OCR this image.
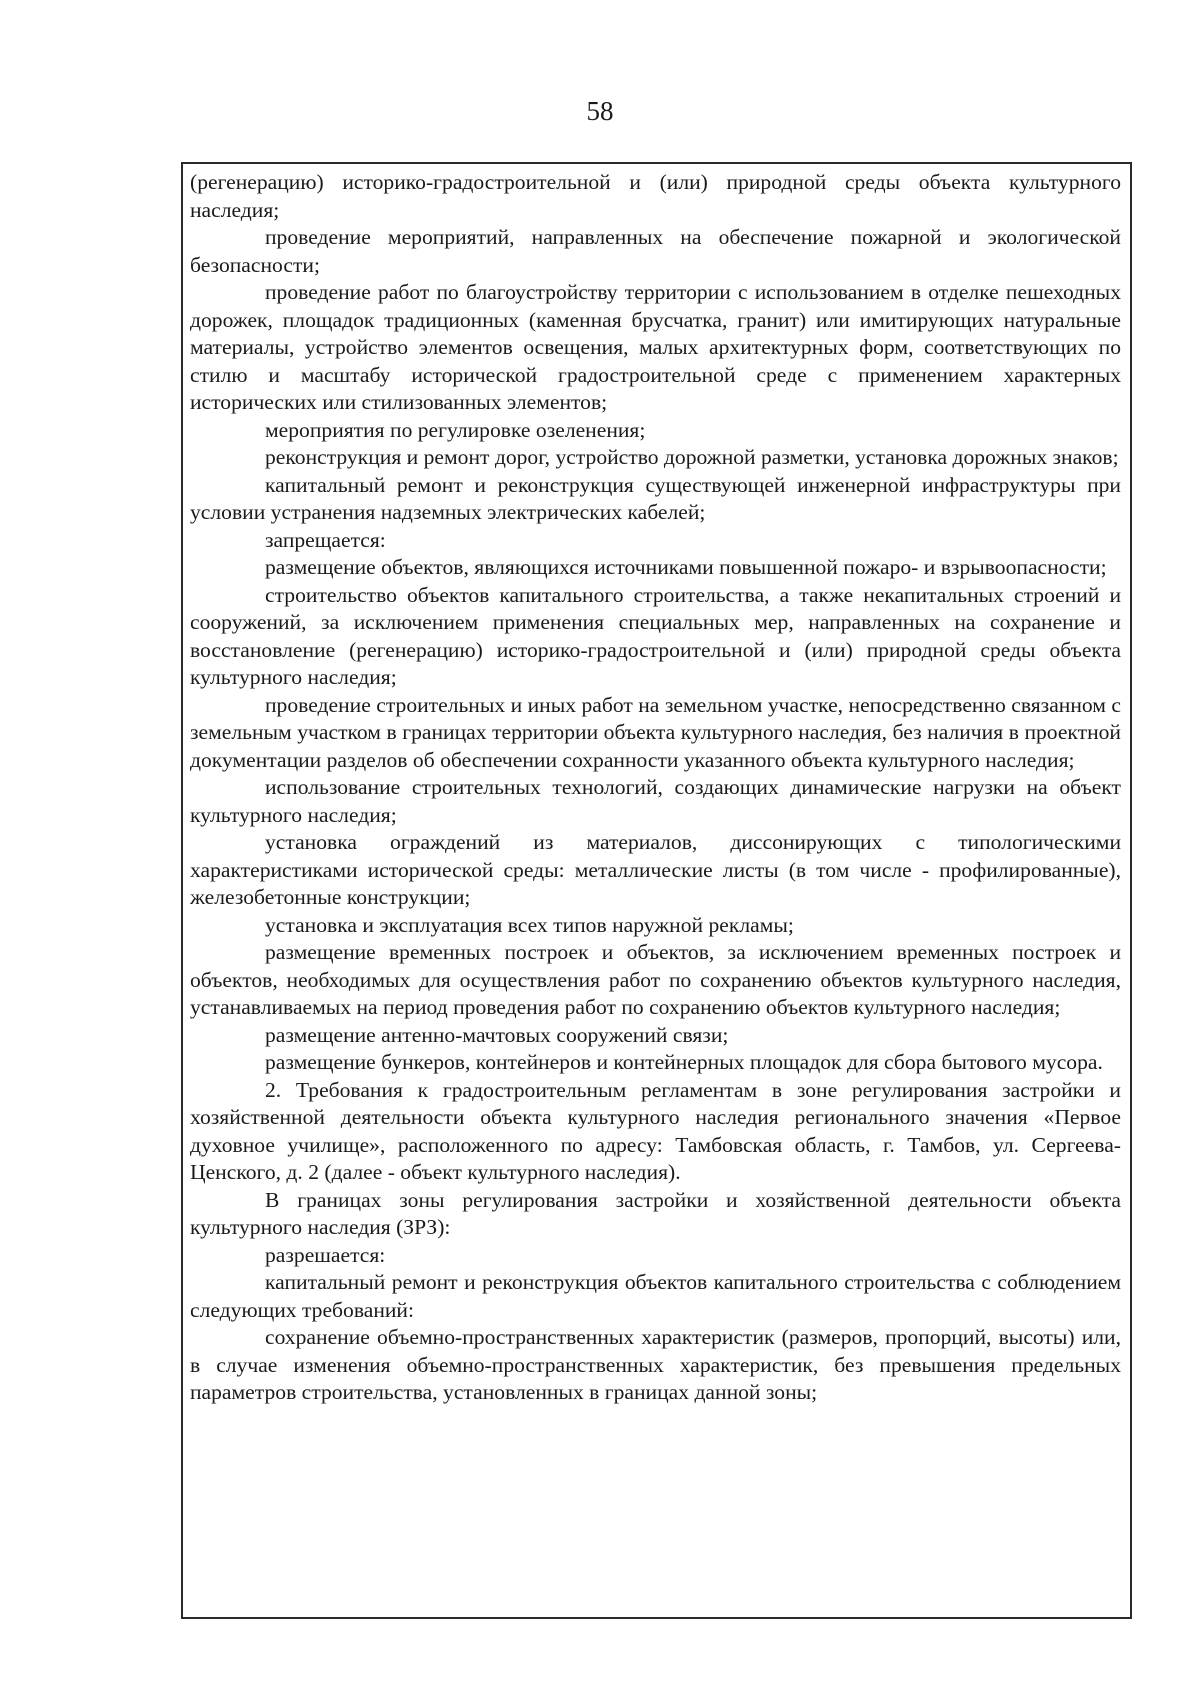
58

(регенерацию) историко-градостроительной и (или) природной среды объекта культурного наследия;

проведение мероприятий, направленных на обеспечение пожарной и экологической безопасности;

проведение работ по благоустройству территории с использованием в отделке пешеходных дорожек, площадок традиционных (каменная брусчатка, гранит) или имитирующих натуральные материалы, устройство элементов освещения, малых архитектурных форм, соответствующих по стилю и масштабу исторической градостроительной среде с применением характерных исторических или стилизованных элементов;

мероприятия по регулировке озеленения;

реконструкция и ремонт дорог, устройство дорожной разметки, установка дорожных знаков;

капитальный ремонт и реконструкция существующей инженерной инфраструктуры при условии устранения надземных электрических кабелей;

запрещается:

размещение объектов, являющихся источниками повышенной пожаро- и взрывоопасности;

строительство объектов капитального строительства, а также некапитальных строений и сооружений, за исключением применения специальных мер, направленных на сохранение и восстановление (регенерацию) историко-градостроительной и (или) природной среды объекта культурного наследия;

проведение строительных и иных работ на земельном участке, непосредственно связанном с земельным участком в границах территории объекта культурного наследия, без наличия в проектной документации разделов об обеспечении сохранности указанного объекта культурного наследия;

использование строительных технологий, создающих динамические нагрузки на объект культурного наследия;

установка ограждений из материалов, диссонирующих с типологическими характеристиками исторической среды: металлические листы (в том числе - профилированные), железобетонные конструкции;

установка и эксплуатация всех типов наружной рекламы;

размещение временных построек и объектов, за исключением временных построек и объектов, необходимых для осуществления работ по сохранению объектов культурного наследия, устанавливаемых на период проведения работ по сохранению объектов культурного наследия;

размещение антенно-мачтовых сооружений связи;

размещение бункеров, контейнеров и контейнерных площадок для сбора бытового мусора.

2. Требования к градостроительным регламентам в зоне регулирования застройки и хозяйственной деятельности объекта культурного наследия регионального значения «Первое духовное училище», расположенного по адресу: Тамбовская область, г. Тамбов, ул. Сергеева-Ценского, д. 2 (далее - объект культурного наследия).

В границах зоны регулирования застройки и хозяйственной деятельности объекта культурного наследия (ЗРЗ):

разрешается:

капитальный ремонт и реконструкция объектов капитального строительства с соблюдением следующих требований:

сохранение объемно-пространственных характеристик (размеров, пропорций, высоты) или, в случае изменения объемно-пространственных характеристик, без превышения предельных параметров строительства, установленных в границах данной зоны;
